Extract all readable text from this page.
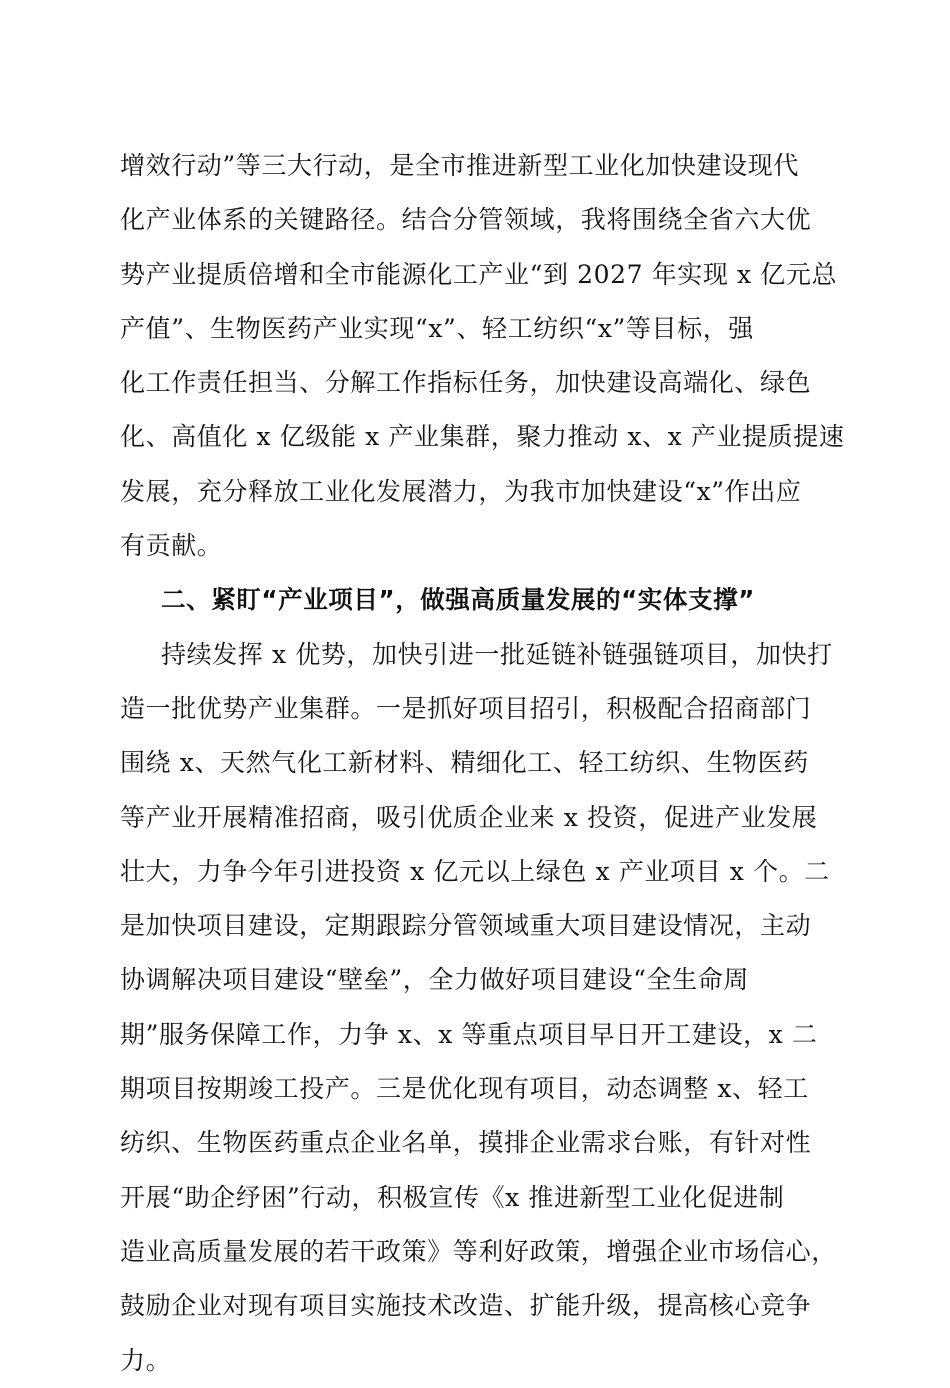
增效行动”等三大行动，是全市推进新型工业化加快建设现代
化产业体系的关键路径。结合分管领域，我将围绕全省六大优
势产业提质倍增和全市能源化工产业“到 2027 年实现 x 亿元总
产值”、生物医药产业实现“x”、轻工纺织“x”等目标，强
化工作责任担当、分解工作指标任务，加快建设高端化、绿色
化、高值化 x 亿级能 x 产业集群，聚力推动 x、x 产业提质提速
发展，充分释放工业化发展潜力，为我市加快建设“x”作出应
有贡献。
二、紧盯“产业项目”，做强高质量发展的“实体支撑”
持续发挥 x 优势，加快引进一批延链补链强链项目，加快打
造一批优势产业集群。一是抓好项目招引，积极配合招商部门
围绕 x、天然气化工新材料、精细化工、轻工纺织、生物医药
等产业开展精准招商，吸引优质企业来 x 投资，促进产业发展
壮大，力争今年引进投资 x 亿元以上绿色 x 产业项目 x 个。二
是加快项目建设，定期跟踪分管领域重大项目建设情况，主动
协调解决项目建设“壁垒”，全力做好项目建设“全生命周
期”服务保障工作，力争 x、x 等重点项目早日开工建设，x 二
期项目按期竣工投产。三是优化现有项目，动态调整 x、轻工
纺织、生物医药重点企业名单，摸排企业需求台账，有针对性
开展“助企纾困”行动，积极宣传《x 推进新型工业化促进制
造业高质量发展的若干政策》等利好政策，增强企业市场信心，
鼓励企业对现有项目实施技术改造、扩能升级，提高核心竞争
力。
